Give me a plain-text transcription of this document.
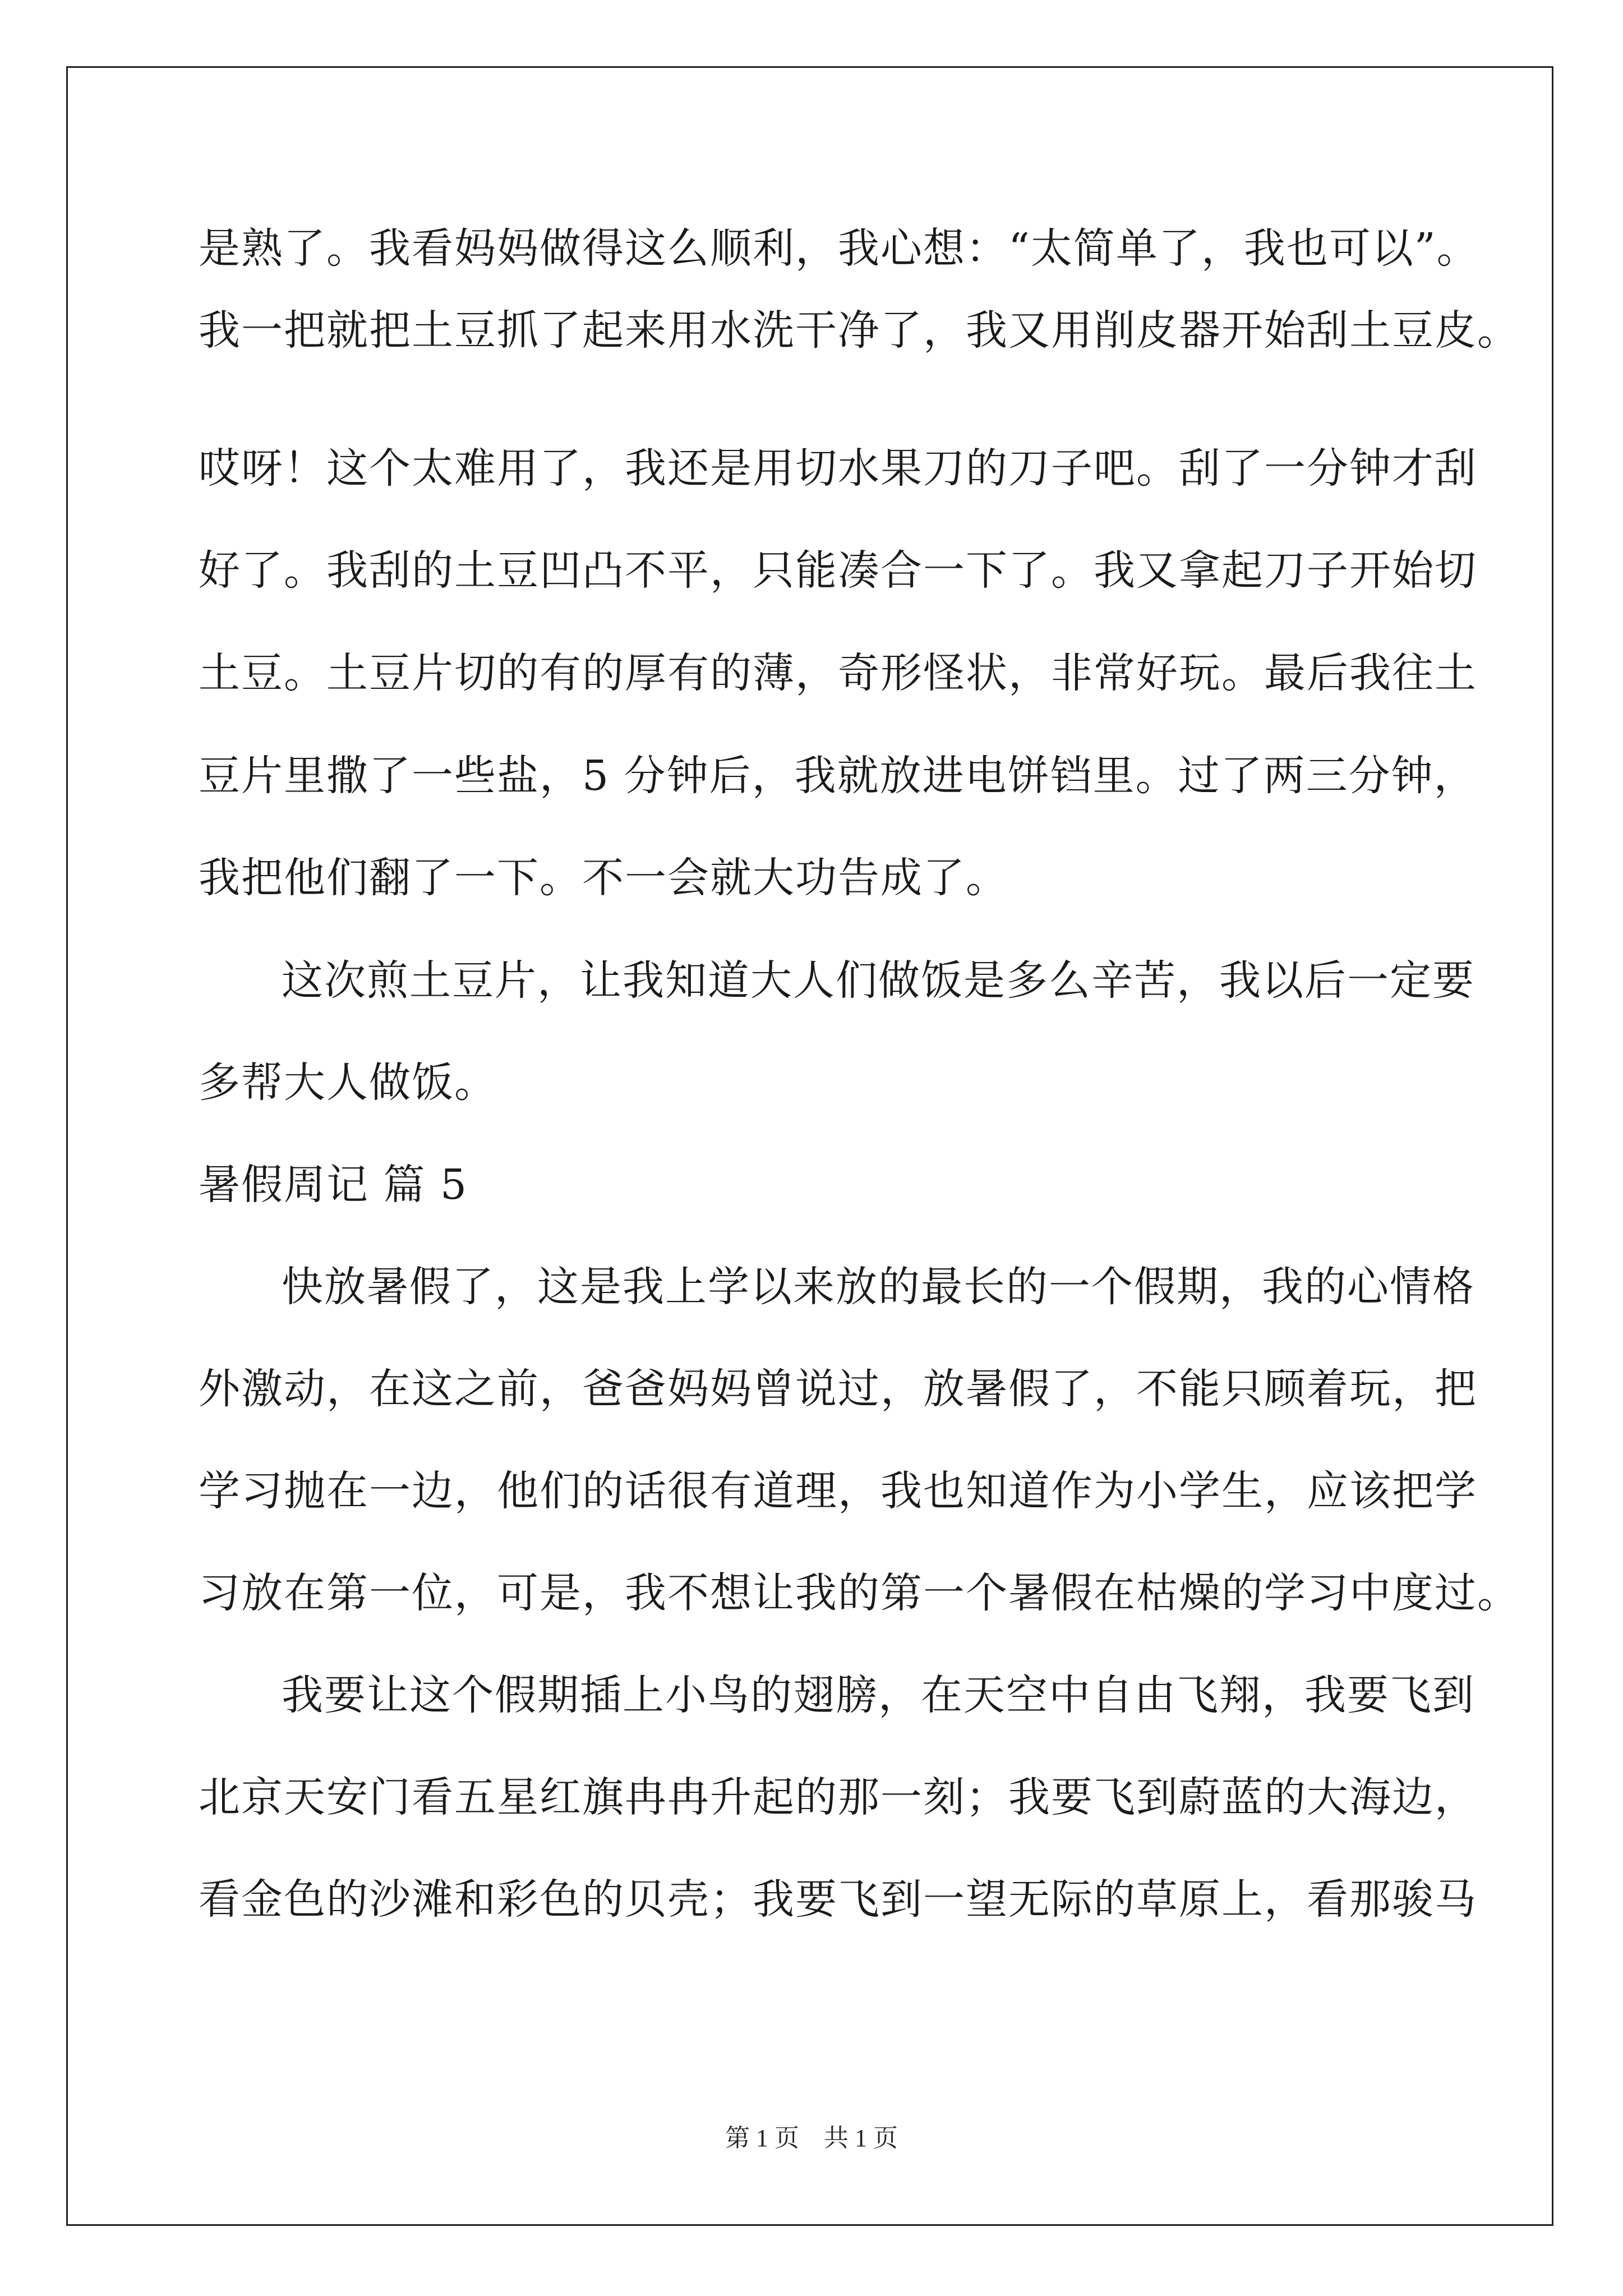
是熟了。我看妈妈做得这么顺利，我心想：“太简单了，我也可以”。
我一把就把土豆抓了起来用水洗干净了，我又用削皮器开始刮土豆皮。
哎呀！这个太难用了，我还是用切水果刀的刀子吧。刮了一分钟才刮
好了。我刮的土豆凹凸不平，只能凑合一下了。我又拿起刀子开始切
土豆。土豆片切的有的厚有的薄，奇形怪状，非常好玩。最后我往土
豆片里撒了一些盐，5 分钟后，我就放进电饼铛里。过了两三分钟，
我把他们翻了一下。不一会就大功告成了。
这次煎土豆片，让我知道大人们做饭是多么辛苦，我以后一定要
多帮大人做饭。
暑假周记 篇 5
快放暑假了，这是我上学以来放的最长的一个假期，我的心情格
外激动，在这之前，爸爸妈妈曾说过，放暑假了，不能只顾着玩，把
学习抛在一边，他们的话很有道理，我也知道作为小学生，应该把学
习放在第一位，可是，我不想让我的第一个暑假在枯燥的学习中度过。
我要让这个假期插上小鸟的翅膀，在天空中自由飞翔，我要飞到
北京天安门看五星红旗冉冉升起的那一刻；我要飞到蔚蓝的大海边，
看金色的沙滩和彩色的贝壳；我要飞到一望无际的草原上，看那骏马
第 1 页　共 1 页
